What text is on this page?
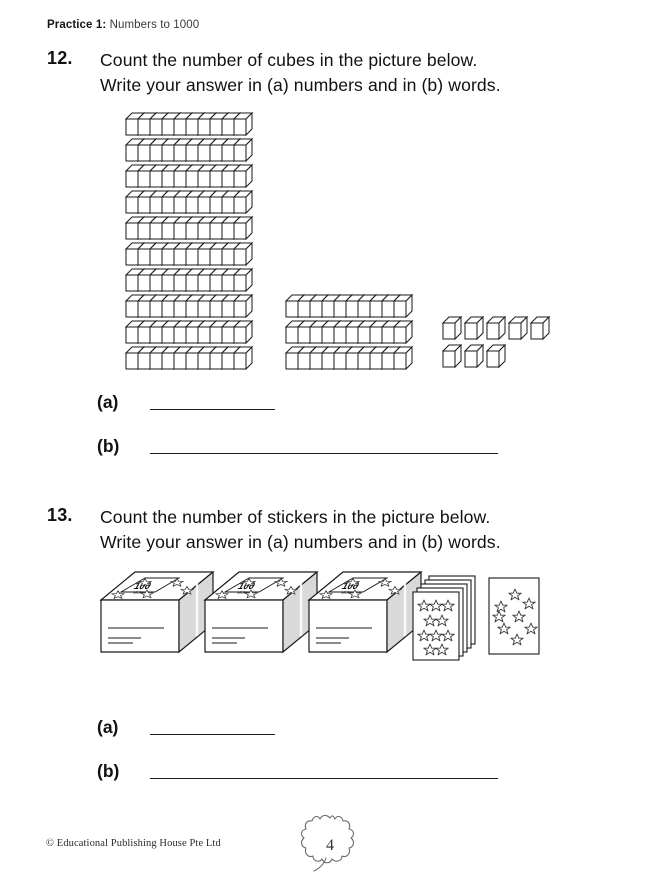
Practice 1: Numbers to 1000
12. Count the number of cubes in the picture below.
Write your answer in (a) numbers and in (b) words.
(a)
(b)
13. Count the number of stickers in the picture below.
Write your answer in (a) numbers and in (b) words.
100
stickers
(a)
(b)
© Educational Publishing House Pte Ltd	4
